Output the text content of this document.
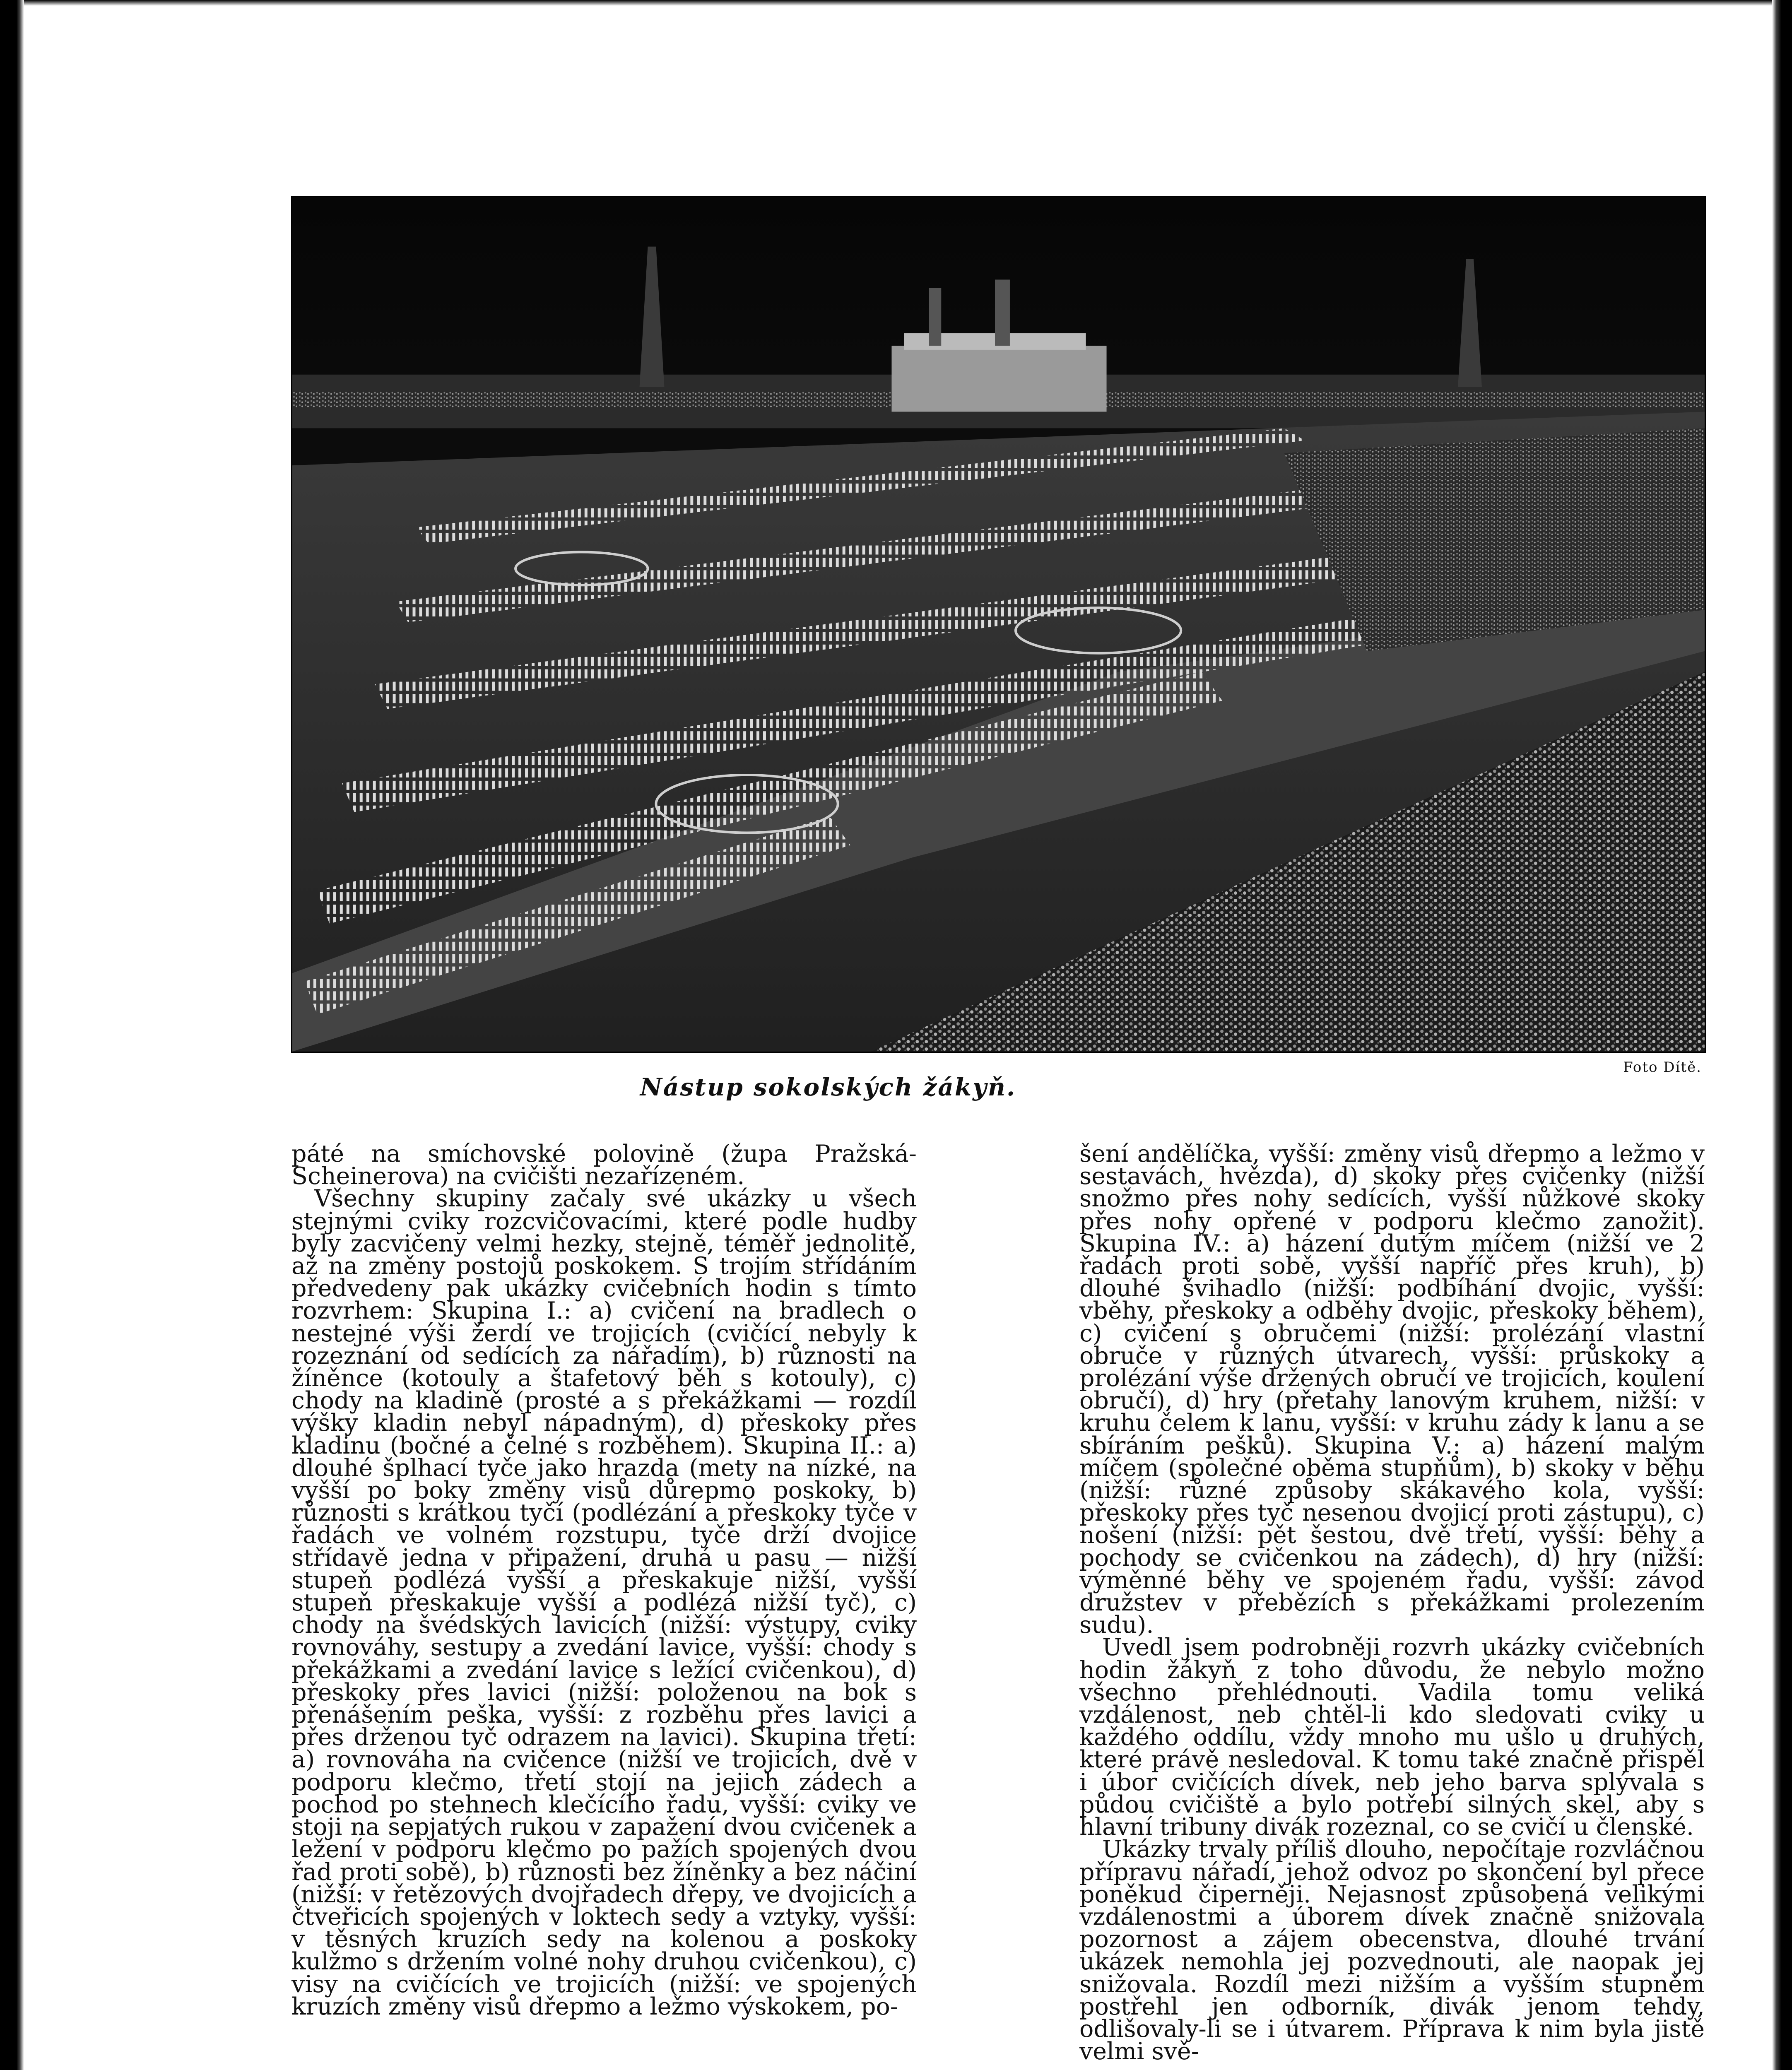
Nástup sokolských žákyň.
Foto Dítě.

páté na smíchovské polovině (župa Pražská-Scheinerova) na cvičišti nezařízeném.

Všechny skupiny začaly své ukázky u všech stejnými cviky rozcvičovacími, které podle hudby byly zacvičeny velmi hezky, stejně, téměř jednolitě, až na změny postojů poskokem. S trojím střídáním předvedeny pak ukázky cvičebních hodin s tímto rozvrhem: Skupina I.: a) cvičení na bradlech o nestejné výši žerdí ve trojicích (cvičící nebyly k rozeznání od sedících za nářadím), b) různosti na žíněnce (kotouly a štafetový běh s kotouly), c) chody na kladině (prosté a s překážkami — rozdíl výšky kladin nebyl nápadným), d) přeskoky přes kladinu (bočné a čelné s rozběhem). Skupina II.: a) dlouhé šplhací tyče jako hrazda (mety na nízké, na vyšší po boky změny visů důrepmo poskoky, b) různosti s krátkou tyčí (podlézání a přeskoky tyče v řadách ve volném rozstupu, tyče drží dvojice střídavě jedna v připažení, druhá u pasu — nižší stupeň podlézá vyšší a přeskakuje nižší, vyšší stupeň přeskakuje vyšší a podlézá nižší tyč), c) chody na švédských lavicích (nižší: výstupy, cviky rovnováhy, sestupy a zvedání lavice, vyšší: chody s překážkami a zvedání lavice s ležící cvičenkou), d) přeskoky přes lavici (nižší: položenou na bok s přenášením peška, vyšší: z rozběhu přes lavici a přes drženou tyč odrazem na lavici). Skupina třetí: a) rovnováha na cvičence (nižší ve trojicích, dvě v podporu klečmo, třetí stojí na jejich zádech a pochod po stehnech klečícího řadu, vyšší: cviky ve stoji na sepjatých rukou v zapažení dvou cvičenek a ležení v podporu klečmo po pažích spojených dvou řad proti sobě), b) různosti bez žíněnky a bez náčiní (nižší: v řetězových dvojřadech dřepy, ve dvojicích a čtveřicích spojených v loktech sedy a vztyky, vyšší: v těsných kruzích sedy na kolenou a poskoky kulžmo s držením volné nohy druhou cvičenkou), c) visy na cvičících ve trojicích (nižší: ve spojených kruzích změny visů dřepmo a ležmo výskokem, po-

šení andělíčka, vyšší: změny visů dřepmo a ležmo v sestavách, hvězda), d) skoky přes cvičenky (nižší snožmo přes nohy sedících, vyšší nůžkové skoky přes nohy opřené v podporu klečmo zanožit). Skupina IV.: a) házení dutým míčem (nižší ve 2 řadách proti sobě, vyšší napříč přes kruh), b) dlouhé švihadlo (nižší: podbíhání dvojic, vyšší: vběhy, přeskoky a odběhy dvojic, přeskoky během), c) cvičení s obručemi (nižší: prolézání vlastní obruče v různých útvarech, vyšší: průskoky a prolézání výše držených obručí ve trojicích, koulení obručí), d) hry (přetahy lanovým kruhem, nižší: v kruhu čelem k lanu, vyšší: v kruhu zády k lanu a se sbíráním pešků). Skupina V.: a) házení malým míčem (společné oběma stupňům), b) skoky v běhu (nižší: různé způsoby skákavého kola, vyšší: přeskoky přes tyč nesenou dvojicí proti zástupu), c) nošení (nižší: pět šestou, dvě třetí, vyšší: běhy a pochody se cvičenkou na zádech), d) hry (nižší: výměnné běhy ve spojeném řadu, vyšší: závod družstev v přebězích s překážkami prolezením sudu).

Uvedl jsem podrobněji rozvrh ukázky cvičebních hodin žákyň z toho důvodu, že nebylo možno všechno přehlédnouti. Vadila tomu veliká vzdálenost, neb chtěl-li kdo sledovati cviky u každého oddílu, vždy mnoho mu ušlo u druhých, které právě nesledoval. K tomu také značně přispěl i úbor cvičících dívek, neb jeho barva splývala s půdou cvičiště a bylo potřebí silných skel, aby s hlavní tribuny divák rozeznal, co se cvičí u členské.

Ukázky trvaly příliš dlouho, nepočítaje rozvláčnou přípravu nářadí, jehož odvoz po skončení byl přece poněkud čiperněji. Nejasnost způsobená velikými vzdálenostmi a úborem dívek značně snižovala pozornost a zájem obecenstva, dlouhé trvání ukázek nemohla jej pozvednouti, ale naopak jej snižovala. Rozdíl mezi nižším a vyšším stupněm postřehl jen odborník, divák jenom tehdy, odlišovaly-li se i útvarem. Příprava k nim byla jistě velmi svě-
